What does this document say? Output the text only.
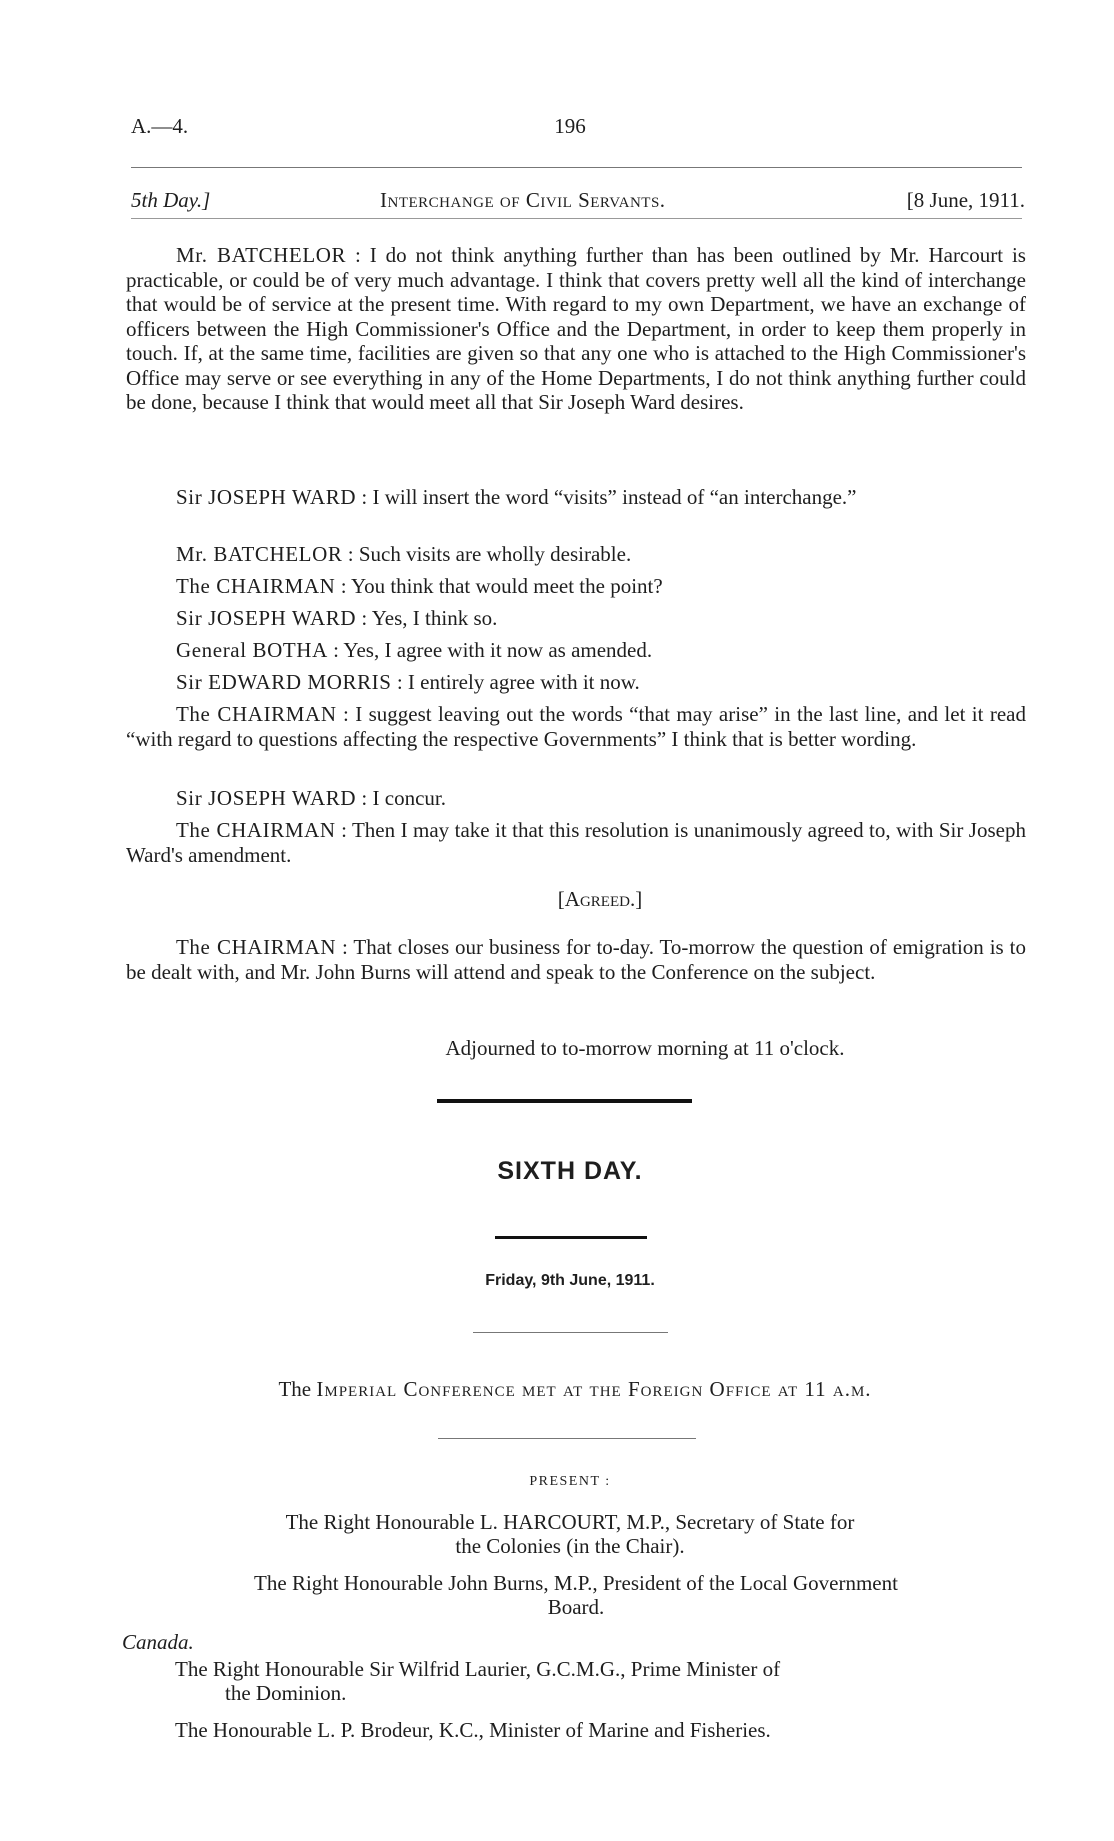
A.—4.	196
5th Day.]	Interchange of Civil Servants.	[8 June, 1911.
Mr. BATCHELOR : I do not think anything further than has been outlined by Mr. Harcourt is practicable, or could be of very much advantage. I think that covers pretty well all the kind of interchange that would be of service at the present time. With regard to my own Department, we have an exchange of officers between the High Commissioner's Office and the Department, in order to keep them properly in touch. If, at the same time, facilities are given so that any one who is attached to the High Commissioner's Office may serve or see everything in any of the Home Departments, I do not think anything further could be done, because I think that would meet all that Sir Joseph Ward desires.
Sir JOSEPH WARD : I will insert the word “visits” instead of “an interchange.”
Mr. BATCHELOR : Such visits are wholly desirable.
The CHAIRMAN : You think that would meet the point?
Sir JOSEPH WARD : Yes, I think so.
General BOTHA : Yes, I agree with it now as amended.
Sir EDWARD MORRIS : I entirely agree with it now.
The CHAIRMAN : I suggest leaving out the words “that may arise” in the last line, and let it read “with regard to questions affecting the respective Governments” I think that is better wording.
Sir JOSEPH WARD : I concur.
The CHAIRMAN : Then I may take it that this resolution is unanimously agreed to, with Sir Joseph Ward's amendment.
[Agreed.]
The CHAIRMAN : That closes our business for to-day. To-morrow the question of emigration is to be dealt with, and Mr. John Burns will attend and speak to the Conference on the subject.
Adjourned to to-morrow morning at 11 o'clock.
SIXTH DAY.
Friday, 9th June, 1911.
The Imperial Conference met at the Foreign Office at 11 a.m.
PRESENT :
The Right Honourable L. HARCOURT, M.P., Secretary of State for
the Colonies (in the Chair).
The Right Honourable John Burns, M.P., President of the Local Government
Board.
Canada.
The Right Honourable Sir Wilfrid Laurier, G.C.M.G., Prime Minister of
the Dominion.
The Honourable L. P. Brodeur, K.C., Minister of Marine and Fisheries.
